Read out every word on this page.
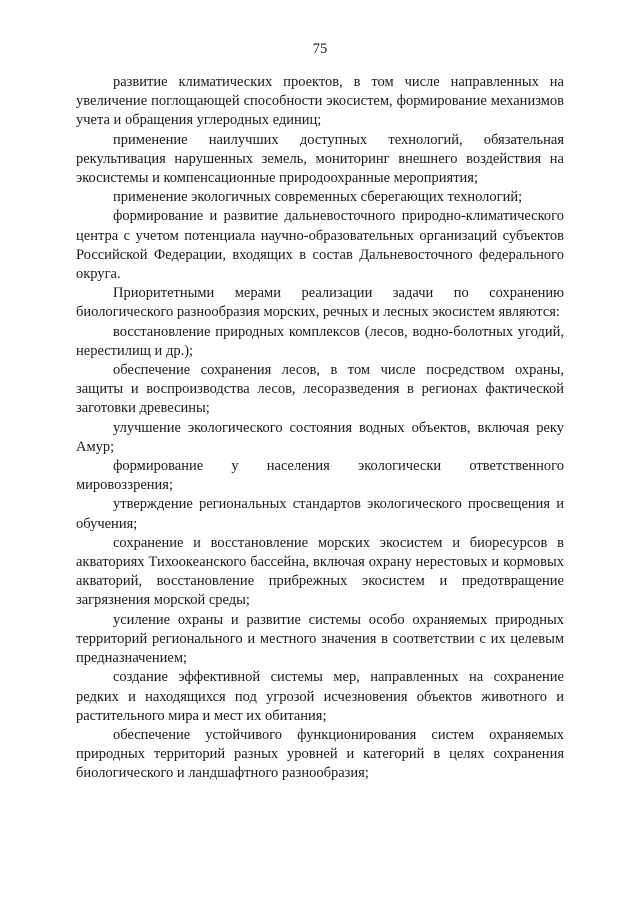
75

развитие климатических проектов, в том числе направленных на увеличение поглощающей способности экосистем, формирование механизмов учета и обращения углеродных единиц;

применение наилучших доступных технологий, обязательная рекультивация нарушенных земель, мониторинг внешнего воздействия на экосистемы и компенсационные природоохранные мероприятия;

применение экологичных современных сберегающих технологий;

формирование и развитие дальневосточного природно-климатического центра с учетом потенциала научно-образовательных организаций субъектов Российской Федерации, входящих в состав Дальневосточного федерального округа.

Приоритетными мерами реализации задачи по сохранению биологического разнообразия морских, речных и лесных экосистем являются:

восстановление природных комплексов (лесов, водно-болотных угодий, нерестилищ и др.);

обеспечение сохранения лесов, в том числе посредством охраны, защиты и воспроизводства лесов, лесоразведения в регионах фактической заготовки древесины;

улучшение экологического состояния водных объектов, включая реку Амур;

формирование у населения экологически ответственного мировоззрения;

утверждение региональных стандартов экологического просвещения и обучения;

сохранение и восстановление морских экосистем и биоресурсов в акваториях Тихоокеанского бассейна, включая охрану нерестовых и кормовых акваторий, восстановление прибрежных экосистем и предотвращение загрязнения морской среды;

усиление охраны и развитие системы особо охраняемых природных территорий регионального и местного значения в соответствии с их целевым предназначением;

создание эффективной системы мер, направленных на сохранение редких и находящихся под угрозой исчезновения объектов животного и растительного мира и мест их обитания;

обеспечение устойчивого функционирования систем охраняемых природных территорий разных уровней и категорий в целях сохранения биологического и ландшафтного разнообразия;
